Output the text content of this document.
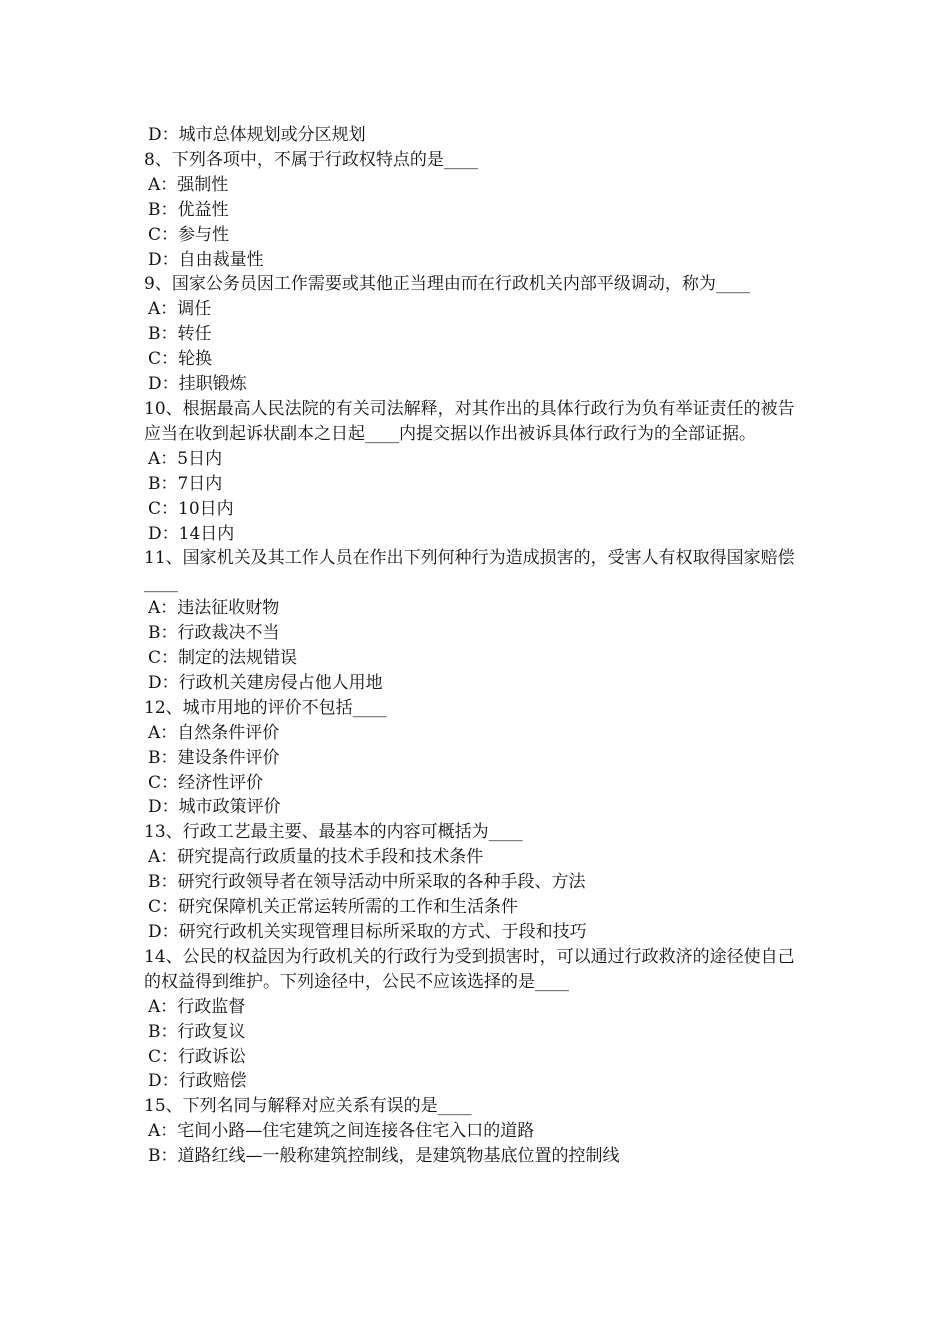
D：城市总体规划或分区规划
8、下列各项中，不属于行政权特点的是____
A：强制性
B：优益性
C：参与性
D：自由裁量性
9、国家公务员因工作需要或其他正当理由而在行政机关内部平级调动，称为____
A：调任
B：转任
C：轮换
D：挂职锻炼
10、根据最高人民法院的有关司法解释，对其作出的具体行政行为负有举证责任的被告应当在收到起诉状副本之日起____内提交据以作出被诉具体行政行为的全部证据。
A：5日内
B：7日内
C：10日内
D：14日内
11、国家机关及其工作人员在作出下列何种行为造成损害的，受害人有权取得国家赔偿____
A：违法征收财物
B：行政裁决不当
C：制定的法规错误
D：行政机关建房侵占他人用地
12、城市用地的评价不包括____
A：自然条件评价
B：建设条件评价
C：经济性评价
D：城市政策评价
13、行政工艺最主要、最基本的内容可概括为____
A：研究提高行政质量的技术手段和技术条件
B：研究行政领导者在领导活动中所采取的各种手段、方法
C：研究保障机关正常运转所需的工作和生活条件
D：研究行政机关实现管理目标所采取的方式、于段和技巧
14、公民的权益因为行政机关的行政行为受到损害时，可以通过行政救济的途径使自己的权益得到维护。下列途径中，公民不应该选择的是____
A：行政监督
B：行政复议
C：行政诉讼
D：行政赔偿
15、下列名同与解释对应关系有误的是____
A：宅间小路—住宅建筑之间连接各住宅入口的道路
B：道路红线—一般称建筑控制线，是建筑物基底位置的控制线
